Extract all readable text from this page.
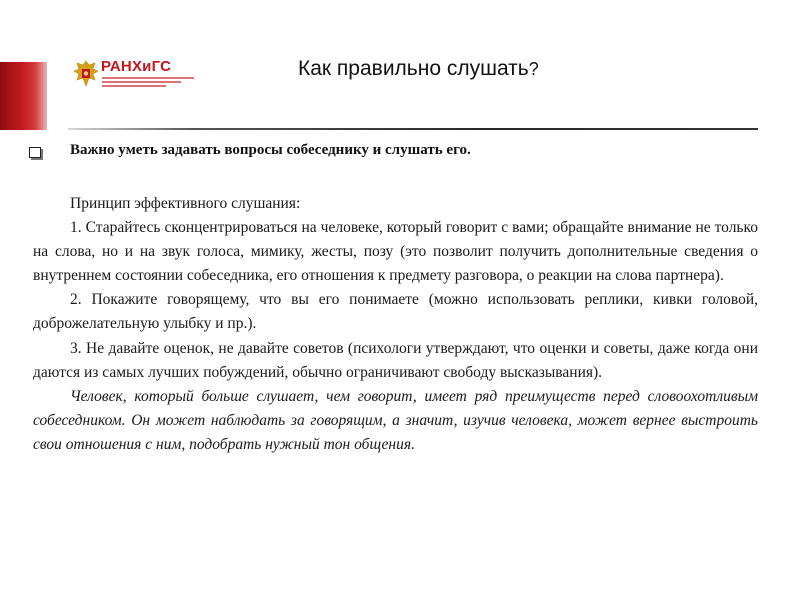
РАНХиГС	Как правильно слушать?
Важно уметь задавать вопросы собеседнику и слушать его.

Принцип эффективного слушания:

1. Старайтесь сконцентрироваться на человеке, который говорит с вами; обращайте внимание не только на слова, но и на звук голоса, мимику, жесты, позу (это позволит получить дополнительные сведения о внутреннем состоянии собеседника, его отношения к предмету разговора, о реакции на слова партнера).

2. Покажите говорящему, что вы его понимаете (можно использовать реплики, кивки головой, доброжелательную улыбку и пр.).

3. Не давайте оценок, не давайте советов (психологи утверждают, что оценки и советы, даже когда они даются из самых лучших побуждений, обычно ограничивают свободу высказывания).

Человек, который больше слушает, чем говорит, имеет ряд преимуществ перед словоохотливым собеседником. Он может наблюдать за говорящим, а значит, изучив человека, может вернее выстроить свои отношения с ним, подобрать нужный тон общения.
